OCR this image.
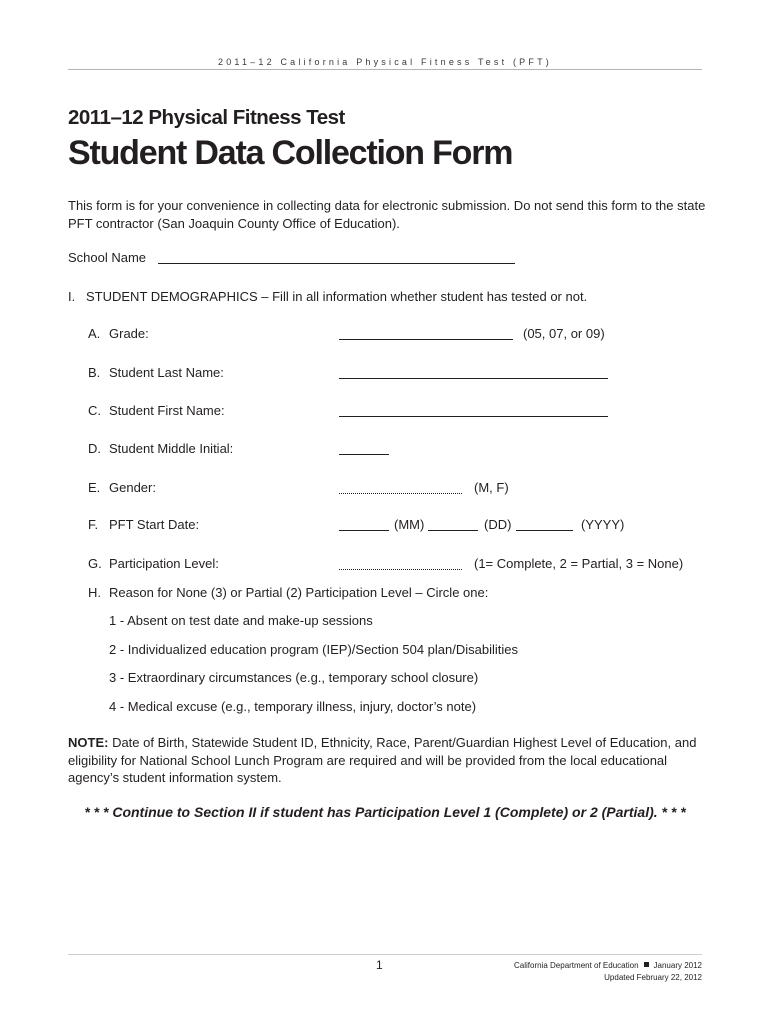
2011–12 California Physical Fitness Test (PFT)
2011–12 Physical Fitness Test
Student Data Collection Form
This form is for your convenience in collecting data for electronic submission. Do not send this form to the state PFT contractor (San Joaquin County Office of Education).
School Name
I. STUDENT DEMOGRAPHICS – Fill in all information whether student has tested or not.
A. Grade:	(05, 07, or 09)
B. Student Last Name:
C. Student First Name:
D. Student Middle Initial:
E. Gender:	(M, F)
F. PFT Start Date:	(MM)	(DD)	(YYYY)
G. Participation Level:	(1= Complete, 2 = Partial, 3 = None)
H. Reason for None (3) or Partial (2) Participation Level – Circle one:
1 - Absent on test date and make-up sessions
2 - Individualized education program (IEP)/Section 504 plan/Disabilities
3 - Extraordinary circumstances (e.g., temporary school closure)
4 - Medical excuse (e.g., temporary illness, injury, doctor’s note)
NOTE: Date of Birth, Statewide Student ID, Ethnicity, Race, Parent/Guardian Highest Level of Education, and eligibility for National School Lunch Program are required and will be provided from the local educational agency’s student information system.
* * * Continue to Section II if student has Participation Level 1 (Complete) or 2 (Partial). * * *
1	California Department of Education January 2012
Updated February 22, 2012
